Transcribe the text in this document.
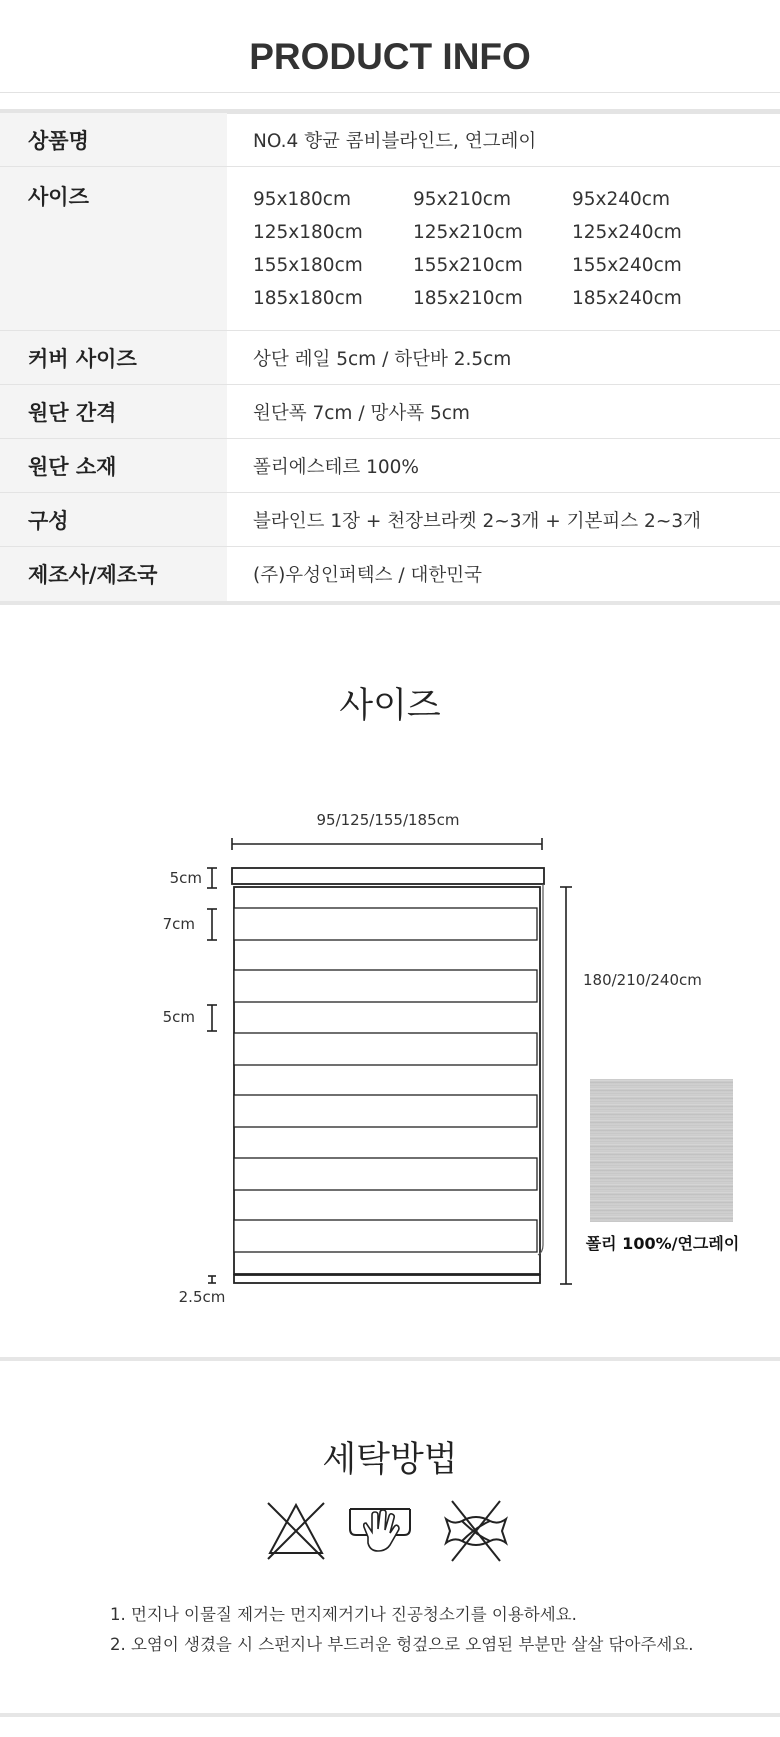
PRODUCT INFO
상품명	NO.4 향균 콤비블라인드, 연그레이
사이즈	95x180cm	95x210cm	95x240cm
125x180cm	125x210cm	125x240cm
155x180cm	155x210cm	155x240cm
185x180cm	185x210cm	185x240cm
커버 사이즈	상단 레일 5cm / 하단바 2.5cm
원단 간격	원단폭 7cm / 망사폭 5cm
원단 소재	폴리에스테르 100%
구성	블라인드 1장 + 천장브라켓 2~3개 + 기본피스 2~3개
제조사/제조국	(주)우성인퍼텍스 / 대한민국
사이즈
95/125/155/185cm
180/210/240cm
5cm
7cm
5cm
2.5cm
폴리 100%/연그레이
세탁방법
1. 먼지나 이물질 제거는 먼지제거기나 진공청소기를 이용하세요.
2. 오염이 생겼을 시 스펀지나 부드러운 헝겊으로 오염된 부분만 살살 닦아주세요.
